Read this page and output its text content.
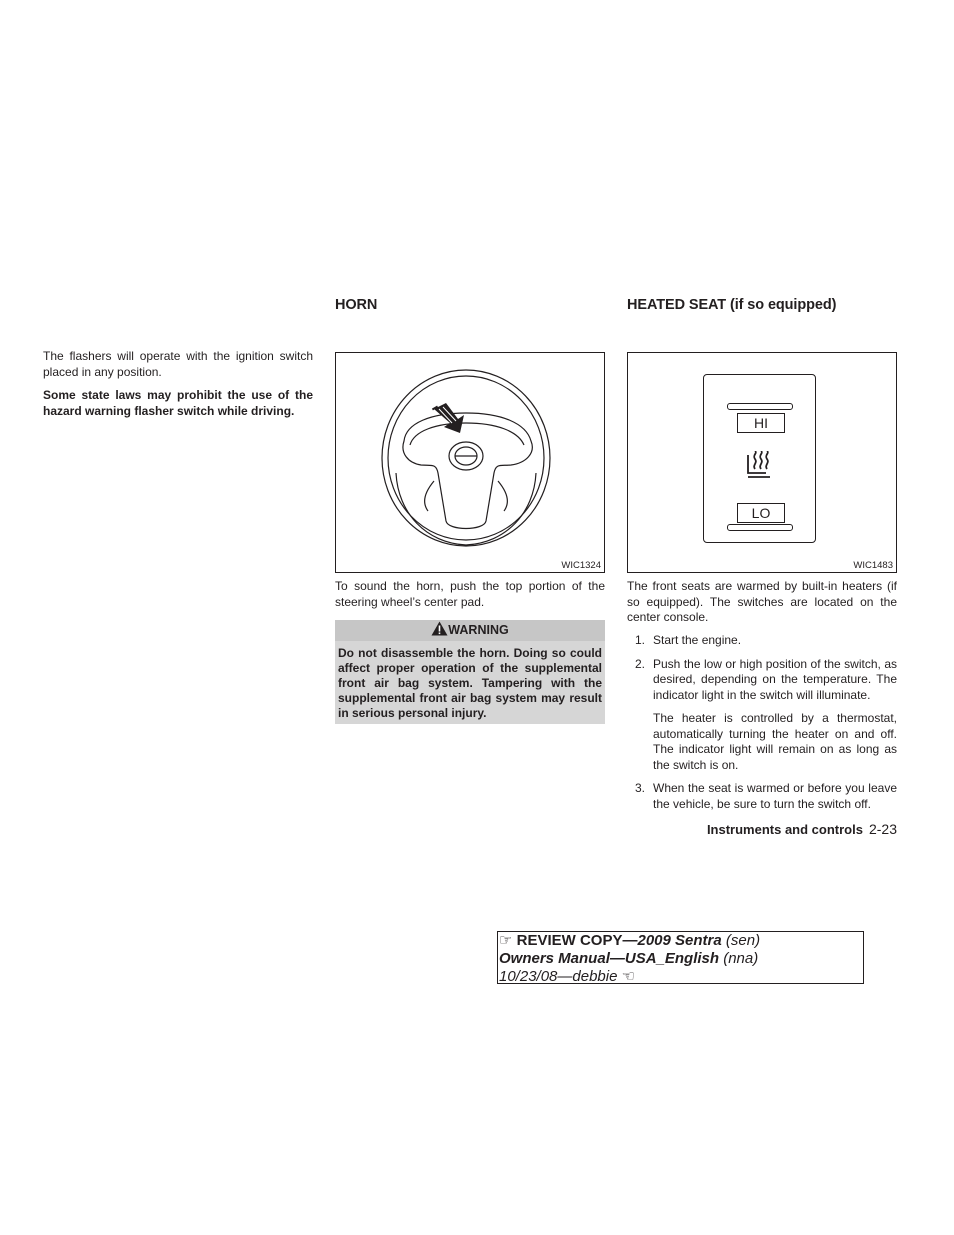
The flashers will operate with the ignition switch placed in any position.

Some state laws may prohibit the use of the hazard warning flasher switch while driving.

HORN
WIC1324

To sound the horn, push the top portion of the steering wheel’s center pad.

WARNING
Do not disassemble the horn. Doing so could affect proper operation of the supplemental front air bag system. Tampering with the supplemental front air bag system may result in serious personal injury.
HEATED SEAT (if so equipped)
HI
LO
WIC1483

The front seats are warmed by built-in heaters (if so equipped). The switches are located on the center console.

1. Start the engine.
2. Push the low or high position of the switch, as desired, depending on the temperature. The indicator light in the switch will illuminate.
The heater is controlled by a thermostat, automatically turning the heater on and off. The indicator light will remain on as long as the switch is on.
3. When the seat is warmed or before you leave the vehicle, be sure to turn the switch off.
Instruments and controls 2-23
☞ REVIEW COPY—2009 Sentra (sen)
Owners Manual—USA_English (nna)
10/23/08—debbie ☜
